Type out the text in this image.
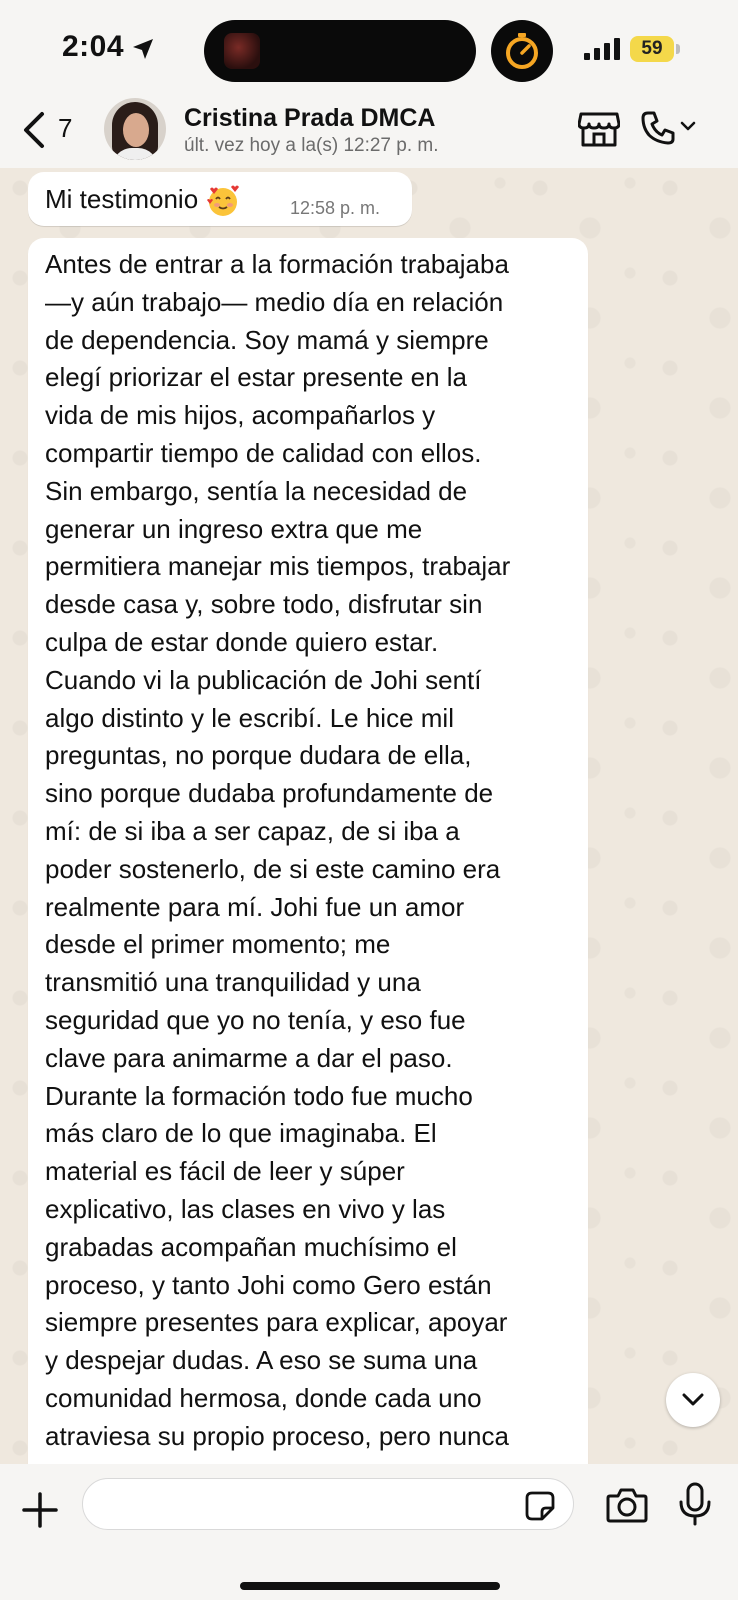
2:04	59
7	Cristina Prada DMCA
últ. vez hoy a la(s) 12:27 p. m.
Mi testimonio	12:58 p. m.
Antes de entrar a la formación trabajaba
—y aún trabajo— medio día en relación
de dependencia. Soy mamá y siempre
elegí priorizar el estar presente en la
vida de mis hijos, acompañarlos y
compartir tiempo de calidad con ellos.
Sin embargo, sentía la necesidad de
generar un ingreso extra que me
permitiera manejar mis tiempos, trabajar
desde casa y, sobre todo, disfrutar sin
culpa de estar donde quiero estar.
Cuando vi la publicación de Johi sentí
algo distinto y le escribí. Le hice mil
preguntas, no porque dudara de ella,
sino porque dudaba profundamente de
mí: de si iba a ser capaz, de si iba a
poder sostenerlo, de si este camino era
realmente para mí. Johi fue un amor
desde el primer momento; me
transmitió una tranquilidad y una
seguridad que yo no tenía, y eso fue
clave para animarme a dar el paso.
Durante la formación todo fue mucho
más claro de lo que imaginaba. El
material es fácil de leer y súper
explicativo, las clases en vivo y las
grabadas acompañan muchísimo el
proceso, y tanto Johi como Gero están
siempre presentes para explicar, apoyar
y despejar dudas. A eso se suma una
comunidad hermosa, donde cada uno
atraviesa su propio proceso, pero nunca
